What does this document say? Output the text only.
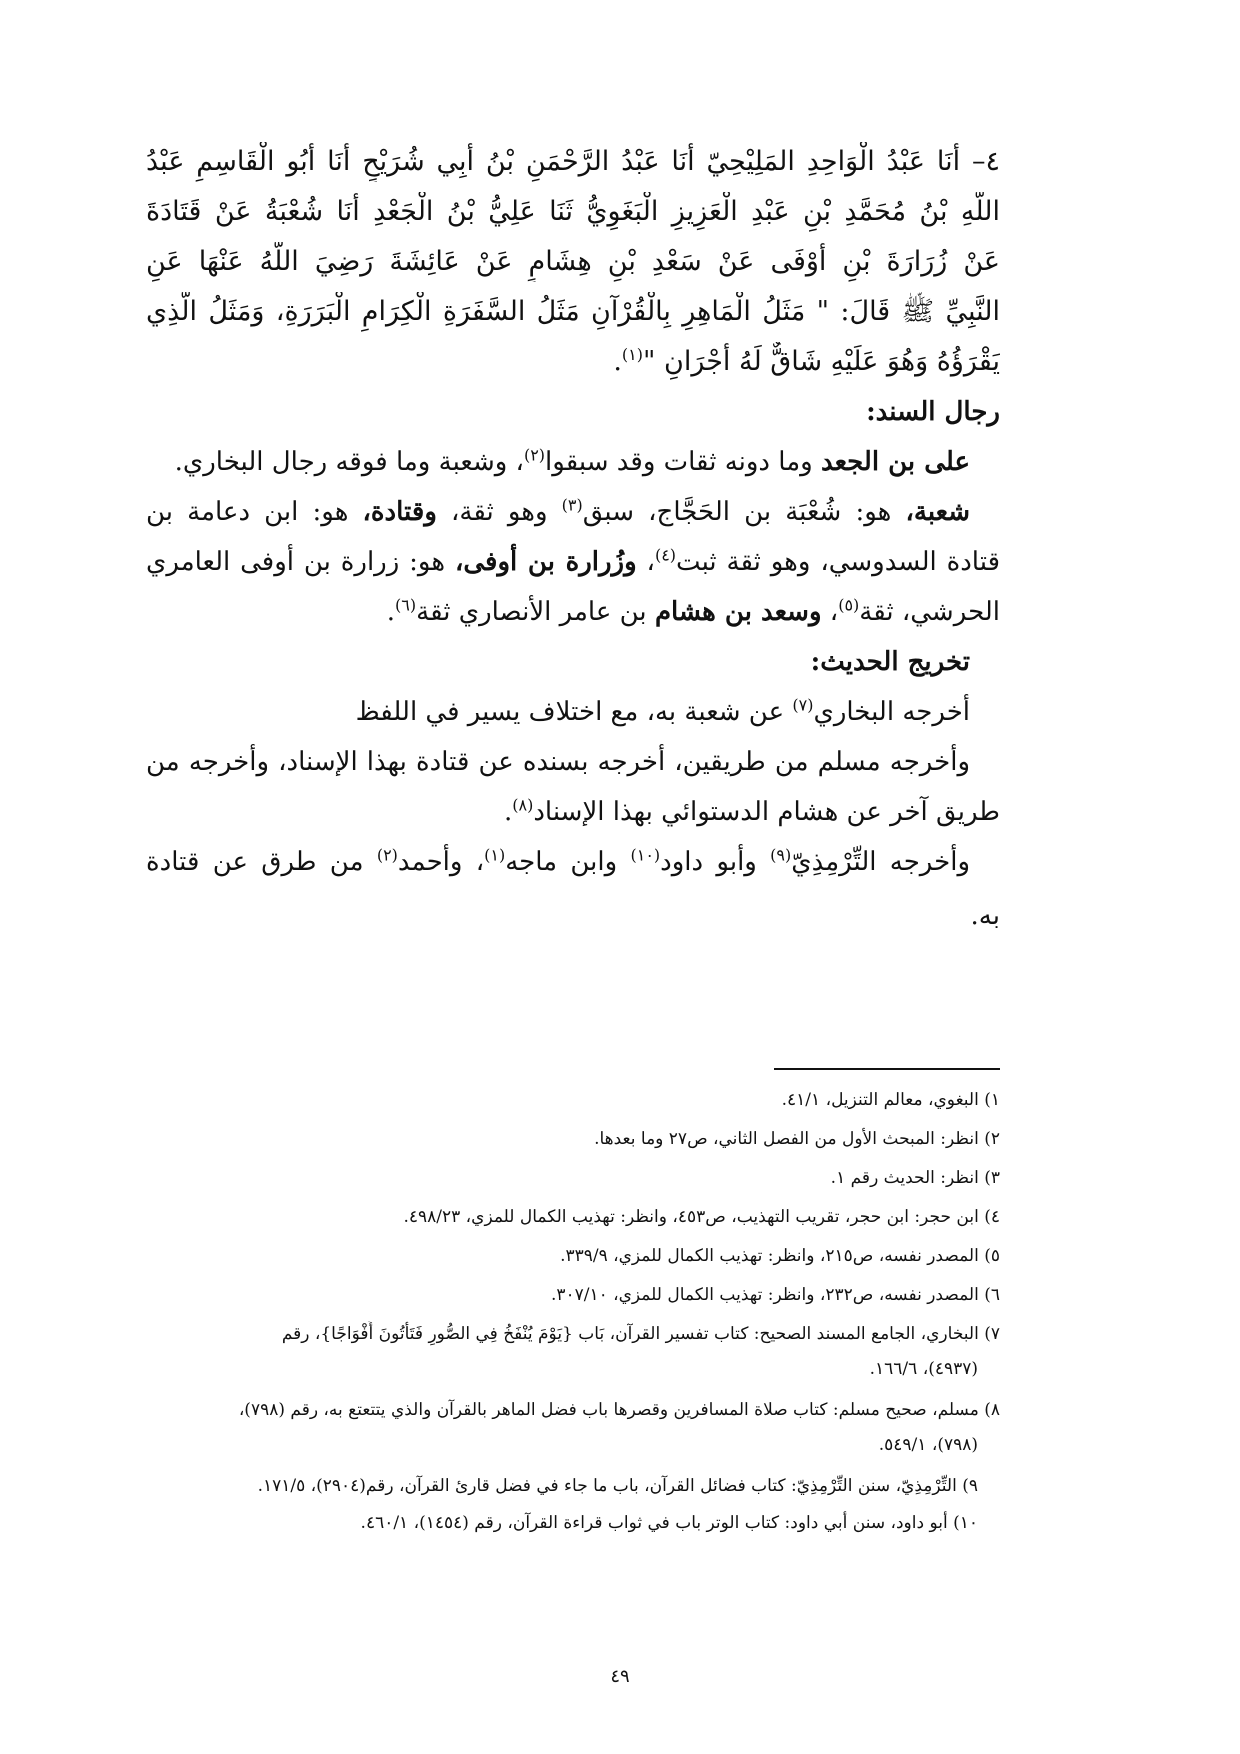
٤– أَنَا عَبْدُ الْوَاحِدِ المَلِيْحِيّ أَنَا عَبْدُ الرَّحْمَنِ بْنُ أَبِي شُرَيْحٍ أَنَا أَبُو الْقَاسِمِ عَبْدُ
اللَّهِ بْنُ مُحَمَّدِ بْنِ عَبْدِ الْعَزِيزِ الْبَغَوِيُّ ثَنَا عَلِيُّ بْنُ الْجَعْدِ أَنَا شُعْبَةُ عَنْ قَتَادَةَ
عَنْ زُرَارَةَ بْنِ أَوْفَى عَنْ سَعْدِ بْنِ هِشَامٍ عَنْ عَائِشَةَ رَضِيَ اللَّهُ عَنْهَا عَنِ
النَّبِيِّ ﷺ قَالَ: " مَثَلُ الْمَاهِرِ بِالْقُرْآنِ مَثَلُ السَّفَرَةِ الْكِرَامِ الْبَرَرَةِ، وَمَثَلُ الَّذِي
يَقْرَؤُهُ وَهُوَ عَلَيْهِ شَاقٌّ لَهُ أَجْرَانِ "$^{(١)}$.
رجال السند:
على بن الجعد وما دونه ثقات وقد سبقوا$^{(٢)}$، وشعبة وما فوقه رجال البخاري.
شعبة، هو: شُعْبَة بن الحَجَّاج، سبق$^{(٣)}$ وهو ثقة، وقتادة، هو: ابن دعامة بن
قتادة السدوسي، وهو ثقة ثبت$^{(٤)}$، وزُرارة بن أوفى، هو: زرارة بن أوفى العامري
الحرشي، ثقة$^{(٥)}$، وسعد بن هشام بن عامر الأنصاري ثقة$^{(٦)}$.
تخريج الحديث:
أخرجه البخاري$^{(٧)}$ عن شعبة به، مع اختلاف يسير في اللفظ
وأخرجه مسلم من طريقين، أخرجه بسنده عن قتادة بهذا الإسناد، وأخرجه من
طريق آخر عن هشام الدستوائي بهذا الإسناد$^{(٨)}$.
وأخرجه التِّرْمِذِيّ$^{(٩)}$ وأبو داود$^{(١٠)}$ وابن ماجه$^{(١)}$، وأحمد$^{(٢)}$ من طرق عن قتادة
به.
١) البغوي، معالم التنزيل، ٤١/١.
٢) انظر: المبحث الأول من الفصل الثاني، ص٢٧ وما بعدها.
٣) انظر: الحديث رقم ١.
٤) ابن حجر: ابن حجر، تقريب التهذيب، ص٤٥٣، وانظر: تهذيب الكمال للمزي، ٤٩٨/٢٣.
٥) المصدر نفسه، ص٢١٥، وانظر: تهذيب الكمال للمزي، ٣٣٩/٩.
٦) المصدر نفسه، ص٢٣٢، وانظر: تهذيب الكمال للمزي، ٣٠٧/١٠.
٧) البخاري، الجامع المسند الصحيح: كتاب تفسير القرآن، بَاب {يَوْمَ يُنْفَخُ فِي الصُّورِ فَتَأْتُونَ أَفْوَاجًا}، رقم
(٤٩٣٧)، ١٦٦/٦.
٨) مسلم، صحيح مسلم: كتاب صلاة المسافرين وقصرها باب فضل الماهر بالقرآن والذي يتتعتع به، رقم (٧٩٨)،
(٧٩٨)، ٥٤٩/١.
٩) التِّرْمِذِيّ، سنن التِّرْمِذِيّ: كتاب فضائل القرآن، باب ما جاء في فضل قارئ القرآن، رقم(٢٩٠٤)، ١٧١/٥.
١٠) أبو داود، سنن أبي داود: كتاب الوتر باب في ثواب قراءة القرآن، رقم (١٤٥٤)، ٤٦٠/١.
٤٩
